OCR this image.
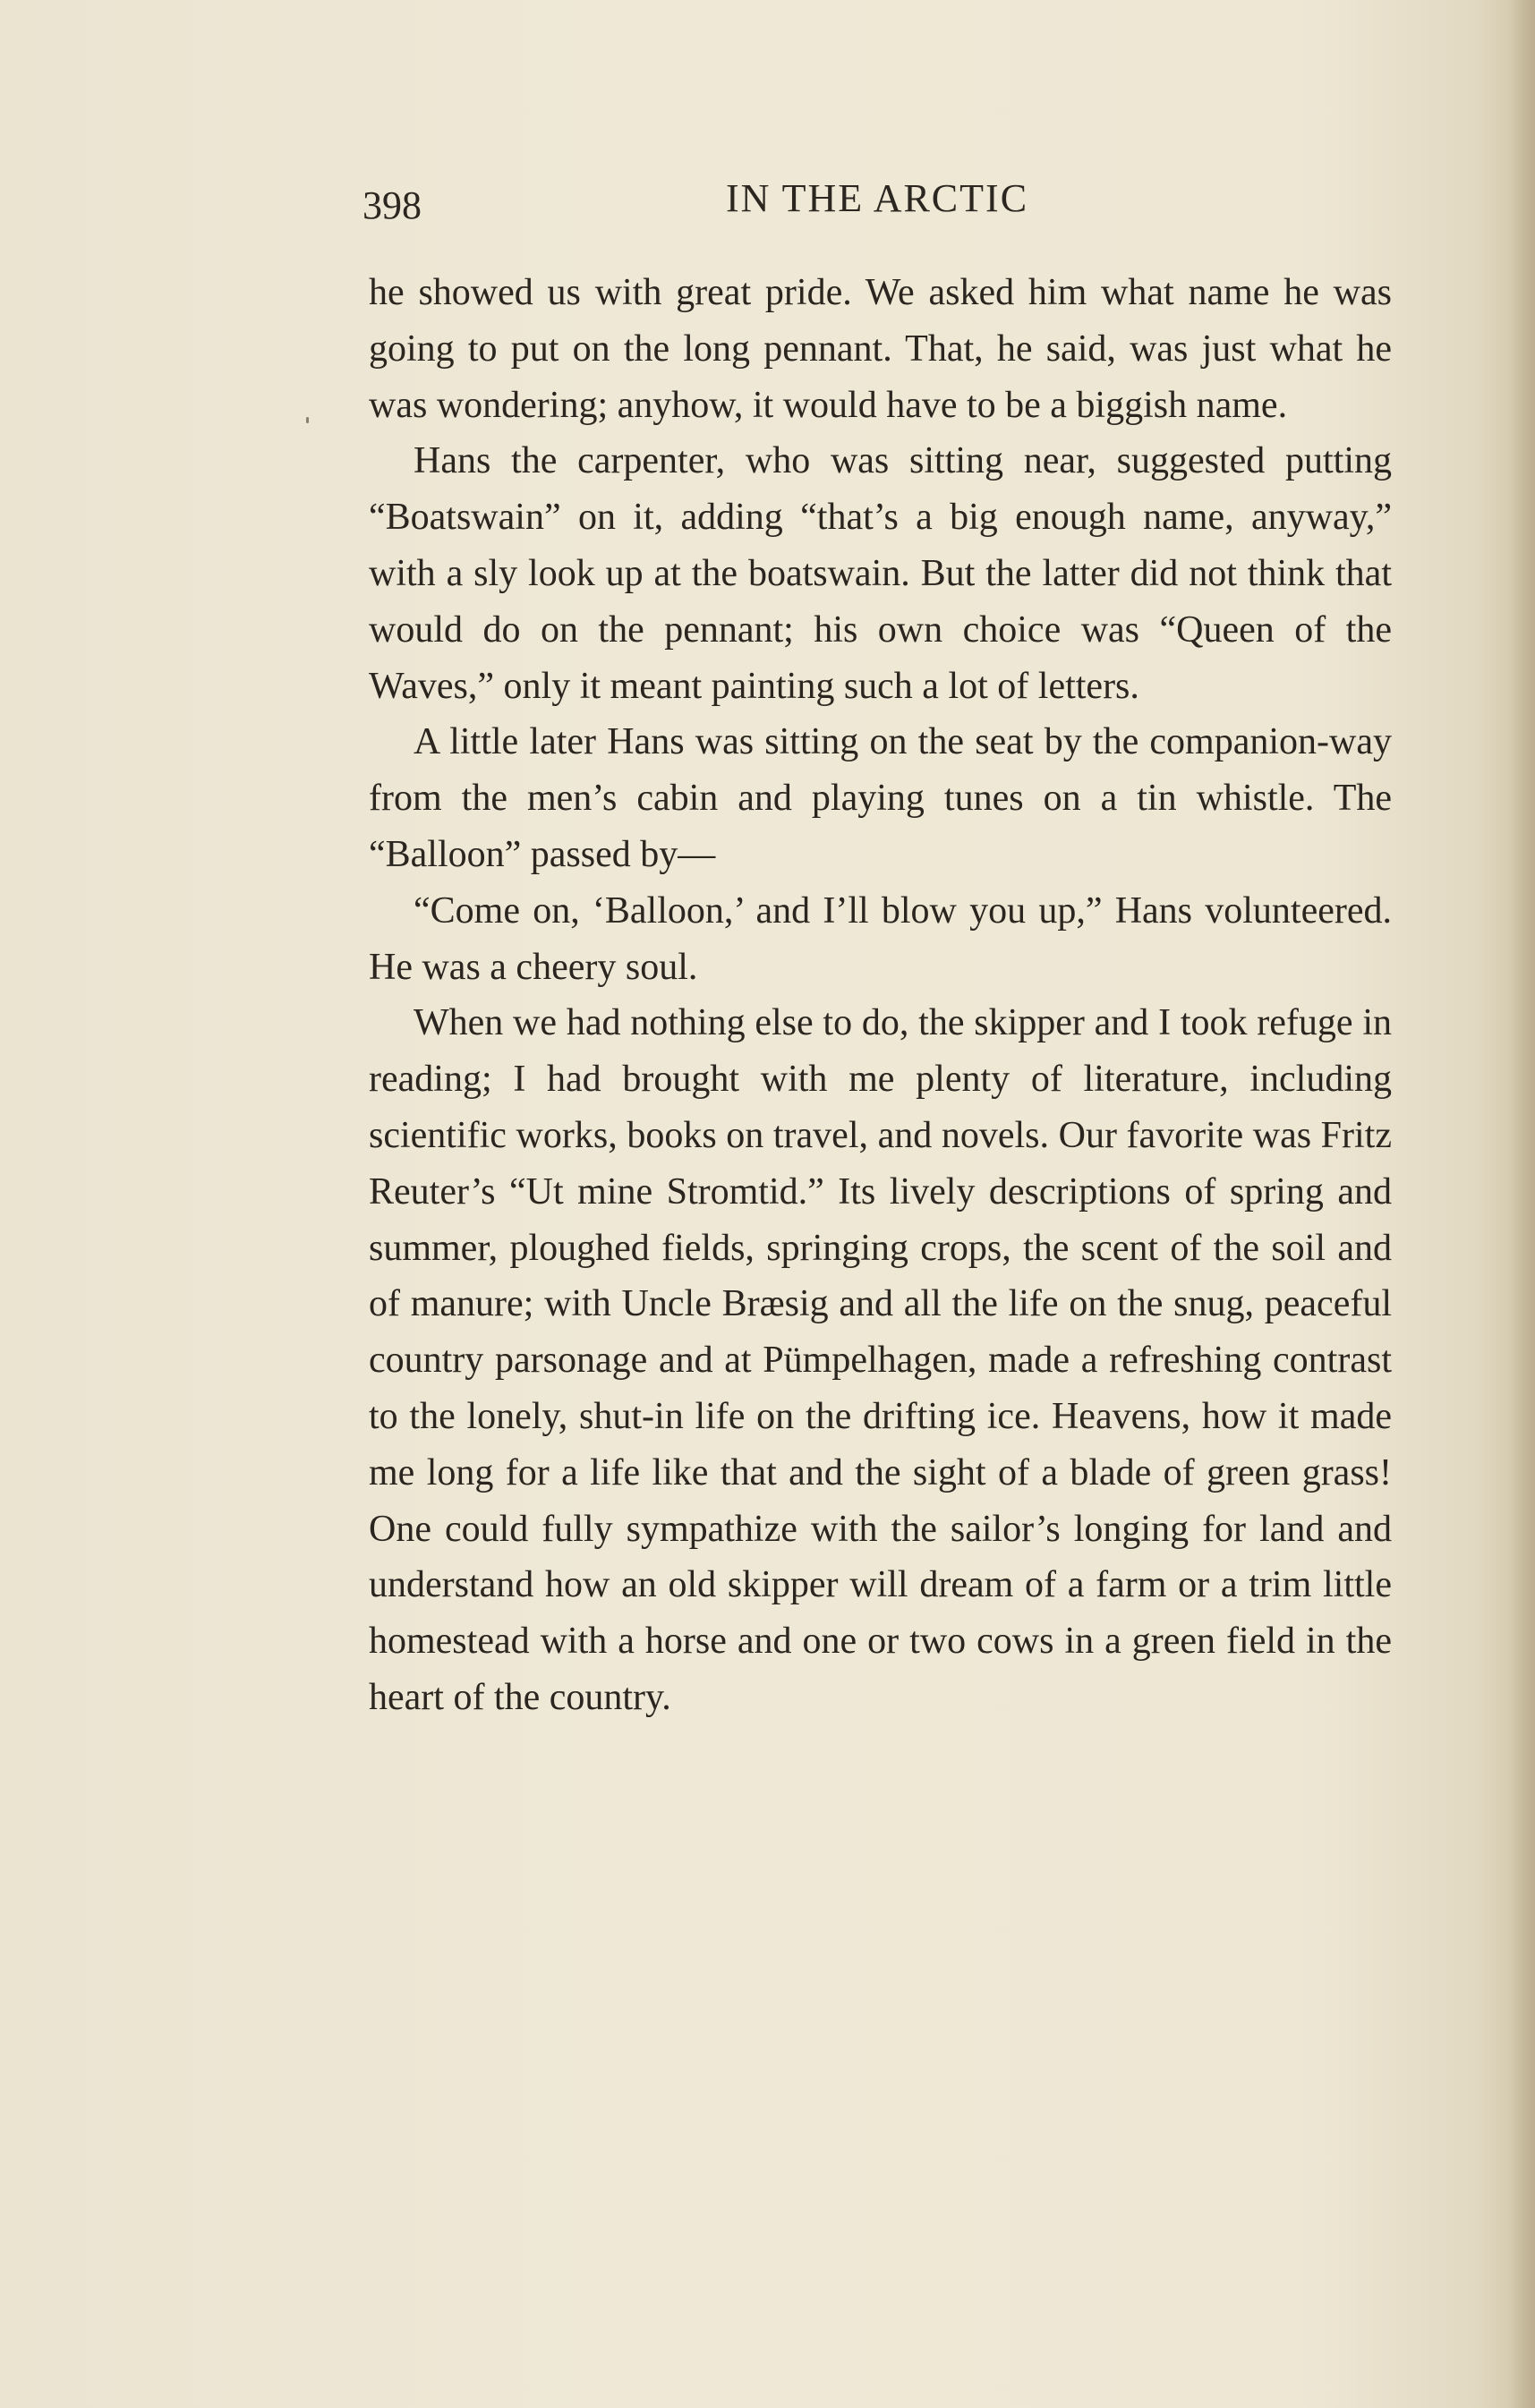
398	IN THE ARCTIC

he showed us with great pride. We asked him what name he was going to put on the long pennant. That, he said, was just what he was wondering; anyhow, it would have to be a biggish name.

Hans the carpenter, who was sitting near, suggested putting “Boatswain” on it, adding “that’s a big enough name, anyway,” with a sly look up at the boatswain. But the latter did not think that would do on the pennant; his own choice was “Queen of the Waves,” only it meant painting such a lot of letters.

A little later Hans was sitting on the seat by the companion-way from the men’s cabin and playing tunes on a tin whistle. The “Balloon” passed by—

“Come on, ‘Balloon,’ and I’ll blow you up,” Hans volunteered. He was a cheery soul.

When we had nothing else to do, the skipper and I took refuge in reading; I had brought with me plenty of literature, including scientific works, books on travel, and novels. Our favorite was Fritz Reuter’s “Ut mine Stromtid.” Its lively descriptions of spring and summer, ploughed fields, springing crops, the scent of the soil and of manure; with Uncle Bræsig and all the life on the snug, peaceful country parsonage and at Pümpelhagen, made a refreshing contrast to the lonely, shut-in life on the drifting ice. Heavens, how it made me long for a life like that and the sight of a blade of green grass! One could fully sympathize with the sailor’s longing for land and understand how an old skipper will dream of a farm or a trim little homestead with a horse and one or two cows in a green field in the heart of the country.
